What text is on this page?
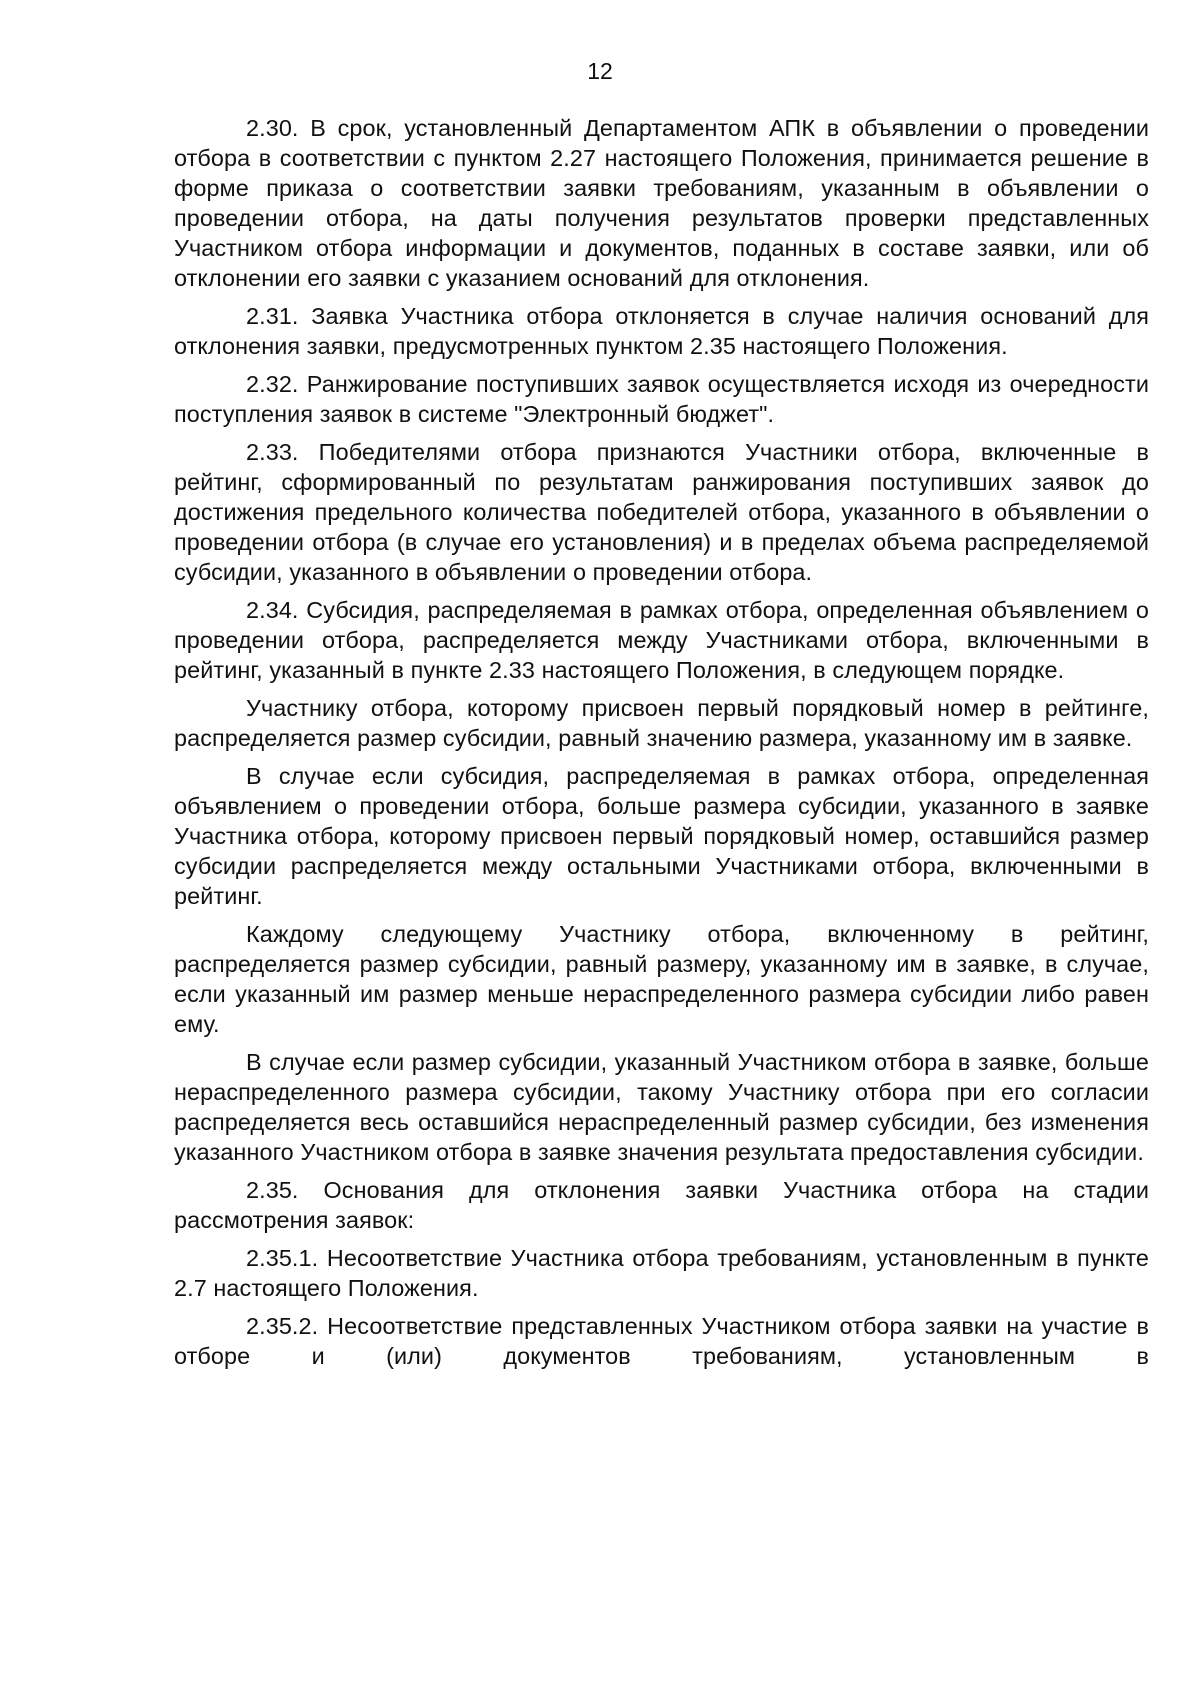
12

2.30. В срок, установленный Департаментом АПК в объявлении о проведении отбора в соответствии с пунктом 2.27 настоящего Положения, принимается решение в форме приказа о соответствии заявки требованиям, указанным в объявлении о проведении отбора, на даты получения результатов проверки представленных Участником отбора информации и документов, поданных в составе заявки, или об отклонении его заявки с указанием оснований для отклонения.

2.31. Заявка Участника отбора отклоняется в случае наличия оснований для отклонения заявки, предусмотренных пунктом 2.35 настоящего Положения.

2.32. Ранжирование поступивших заявок осуществляется исходя из очередности поступления заявок в системе "Электронный бюджет".

2.33. Победителями отбора признаются Участники отбора, включенные в рейтинг, сформированный по результатам ранжирования поступивших заявок до достижения предельного количества победителей отбора, указанного в объявлении о проведении отбора (в случае его установления) и в пределах объема распределяемой субсидии, указанного в объявлении о проведении отбора.

2.34. Субсидия, распределяемая в рамках отбора, определенная объявлением о проведении отбора, распределяется между Участниками отбора, включенными в рейтинг, указанный в пункте 2.33 настоящего Положения, в следующем порядке.

Участнику отбора, которому присвоен первый порядковый номер в рейтинге, распределяется размер субсидии, равный значению размера, указанному им в заявке.

В случае если субсидия, распределяемая в рамках отбора, определенная объявлением о проведении отбора, больше размера субсидии, указанного в заявке Участника отбора, которому присвоен первый порядковый номер, оставшийся размер субсидии распределяется между остальными Участниками отбора, включенными в рейтинг.

Каждому следующему Участнику отбора, включенному в рейтинг, распределяется размер субсидии, равный размеру, указанному им в заявке, в случае, если указанный им размер меньше нераспределенного размера субсидии либо равен ему.

В случае если размер субсидии, указанный Участником отбора в заявке, больше нераспределенного размера субсидии, такому Участнику отбора при его согласии распределяется весь оставшийся нераспределенный размер субсидии, без изменения указанного Участником отбора в заявке значения результата предоставления субсидии.

2.35. Основания для отклонения заявки Участника отбора на стадии рассмотрения заявок:

2.35.1. Несоответствие Участника отбора требованиям, установленным в пункте 2.7 настоящего Положения.

2.35.2. Несоответствие представленных Участником отбора заявки на участие в отборе и (или) документов требованиям, установленным в
